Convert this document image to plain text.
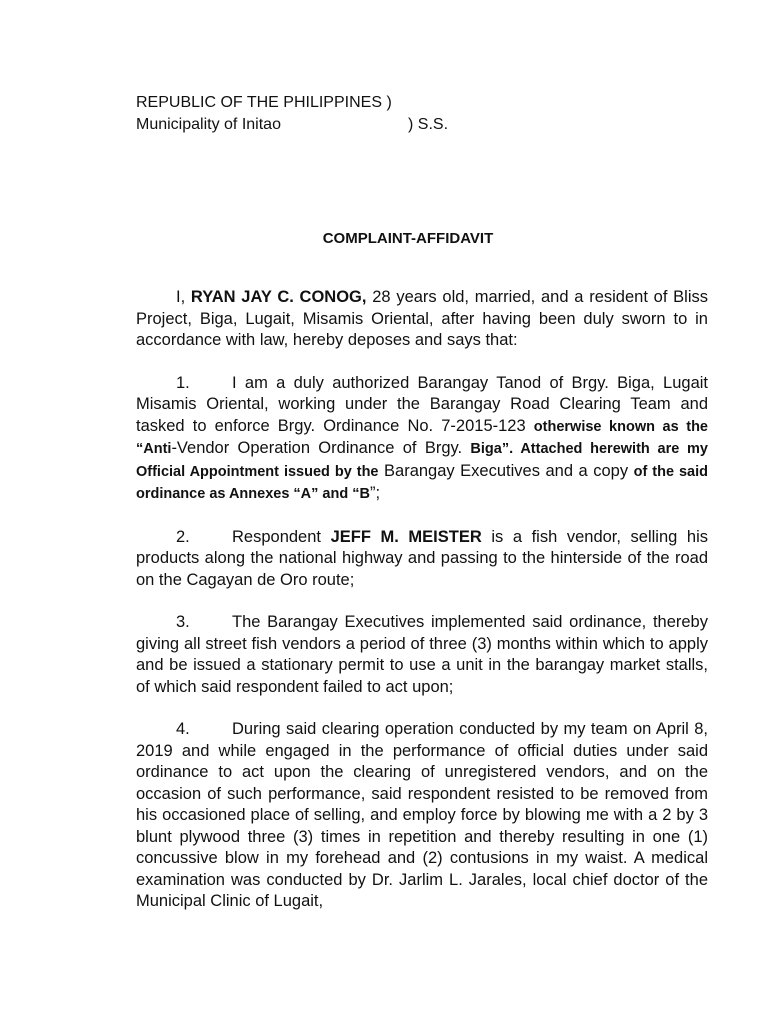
REPUBLIC OF THE PHILIPPINES )
Municipality of Initao	) S.S.
COMPLAINT-AFFIDAVIT

I, RYAN JAY C. CONOG, 28 years old, married, and a resident of Bliss Project, Biga, Lugait, Misamis Oriental, after having been duly sworn to in accordance with law, hereby deposes and says that:

1.	I am a duly authorized Barangay Tanod of Brgy. Biga, Lugait Misamis Oriental, working under the Barangay Road Clearing Team and tasked to enforce Brgy. Ordinance No. 7-2015-123 otherwise known as the “Anti-Vendor Operation Ordinance of Brgy. Biga”. Attached herewith are my Official Appointment issued by the Barangay Executives and a copy of the said ordinance as Annexes “A” and “B”;

2.	Respondent JEFF M. MEISTER is a fish vendor, selling his products along the national highway and passing to the hinterside of the road on the Cagayan de Oro route;

3.	The Barangay Executives implemented said ordinance, thereby giving all street fish vendors a period of three (3) months within which to apply and be issued a stationary permit to use a unit in the barangay market stalls, of which said respondent failed to act upon;

4.	During said clearing operation conducted by my team on April 8, 2019 and while engaged in the performance of official duties under said ordinance to act upon the clearing of unregistered vendors, and on the occasion of such performance, said respondent resisted to be removed from his occasioned place of selling, and employ force by blowing me with a 2 by 3 blunt plywood three (3) times in repetition and thereby resulting in one (1) concussive blow in my forehead and (2) contusions in my waist. A medical examination was conducted by Dr. Jarlim L. Jarales, local chief doctor of the Municipal Clinic of Lugait,
